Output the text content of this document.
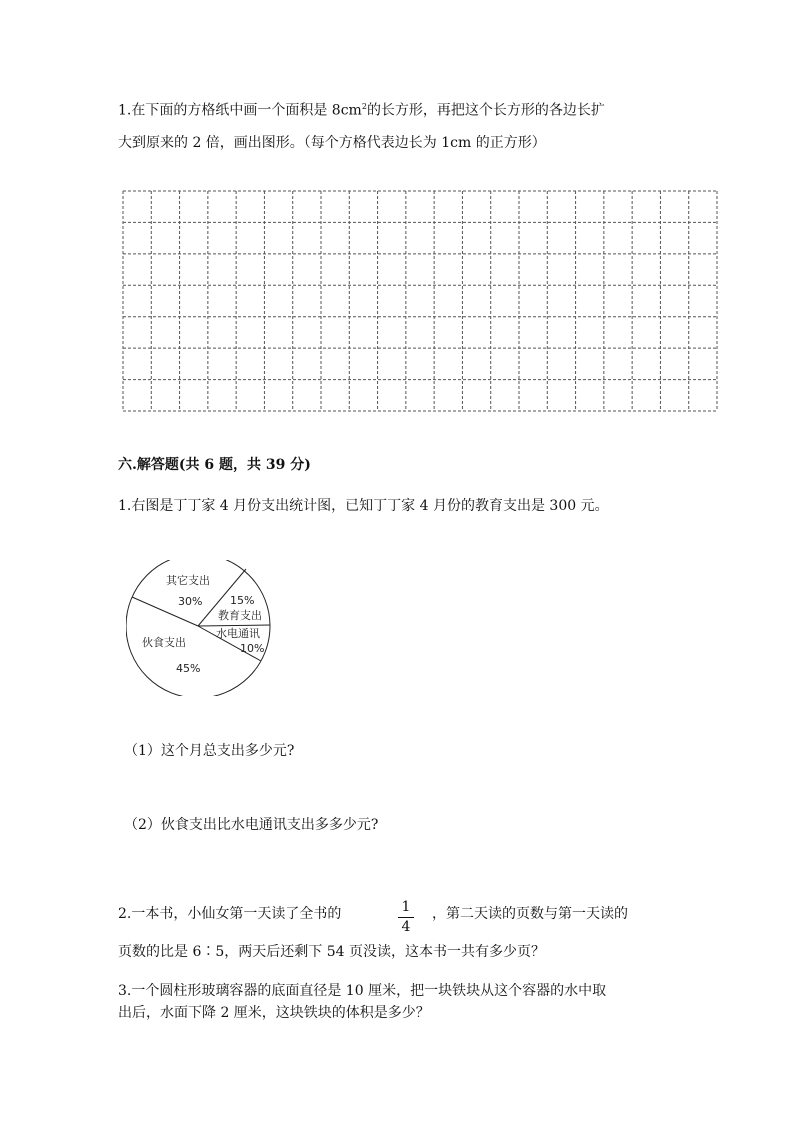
1.在下面的方格纸中画一个面积是 $8cm^2$的长方形，再把这个长方形的各边长扩
大到原来的 2 倍，画出图形。（每个方格代表边长为 1cm 的正方形）
六.解答题(共 6 题，共 39 分)
1.右图是丁丁家 4 月份支出统计图，已知丁丁家 4 月份的教育支出是 300 元。
其它支出
30%	15%
教育支出
水电通讯
10%
伙食支出
45%
（1）这个月总支出多少元?
（2）伙食支出比水电通讯支出多多少元?
2.一本书，小仙女第一天读了全书的	1
4
，第二天读的页数与第一天读的
页数的比是 6∶5，两天后还剩下 54 页没读，这本书一共有多少页？
3.一个圆柱形玻璃容器的底面直径是 10 厘米，把一块铁块从这个容器的水中取
出后，水面下降 2 厘米，这块铁块的体积是多少？
